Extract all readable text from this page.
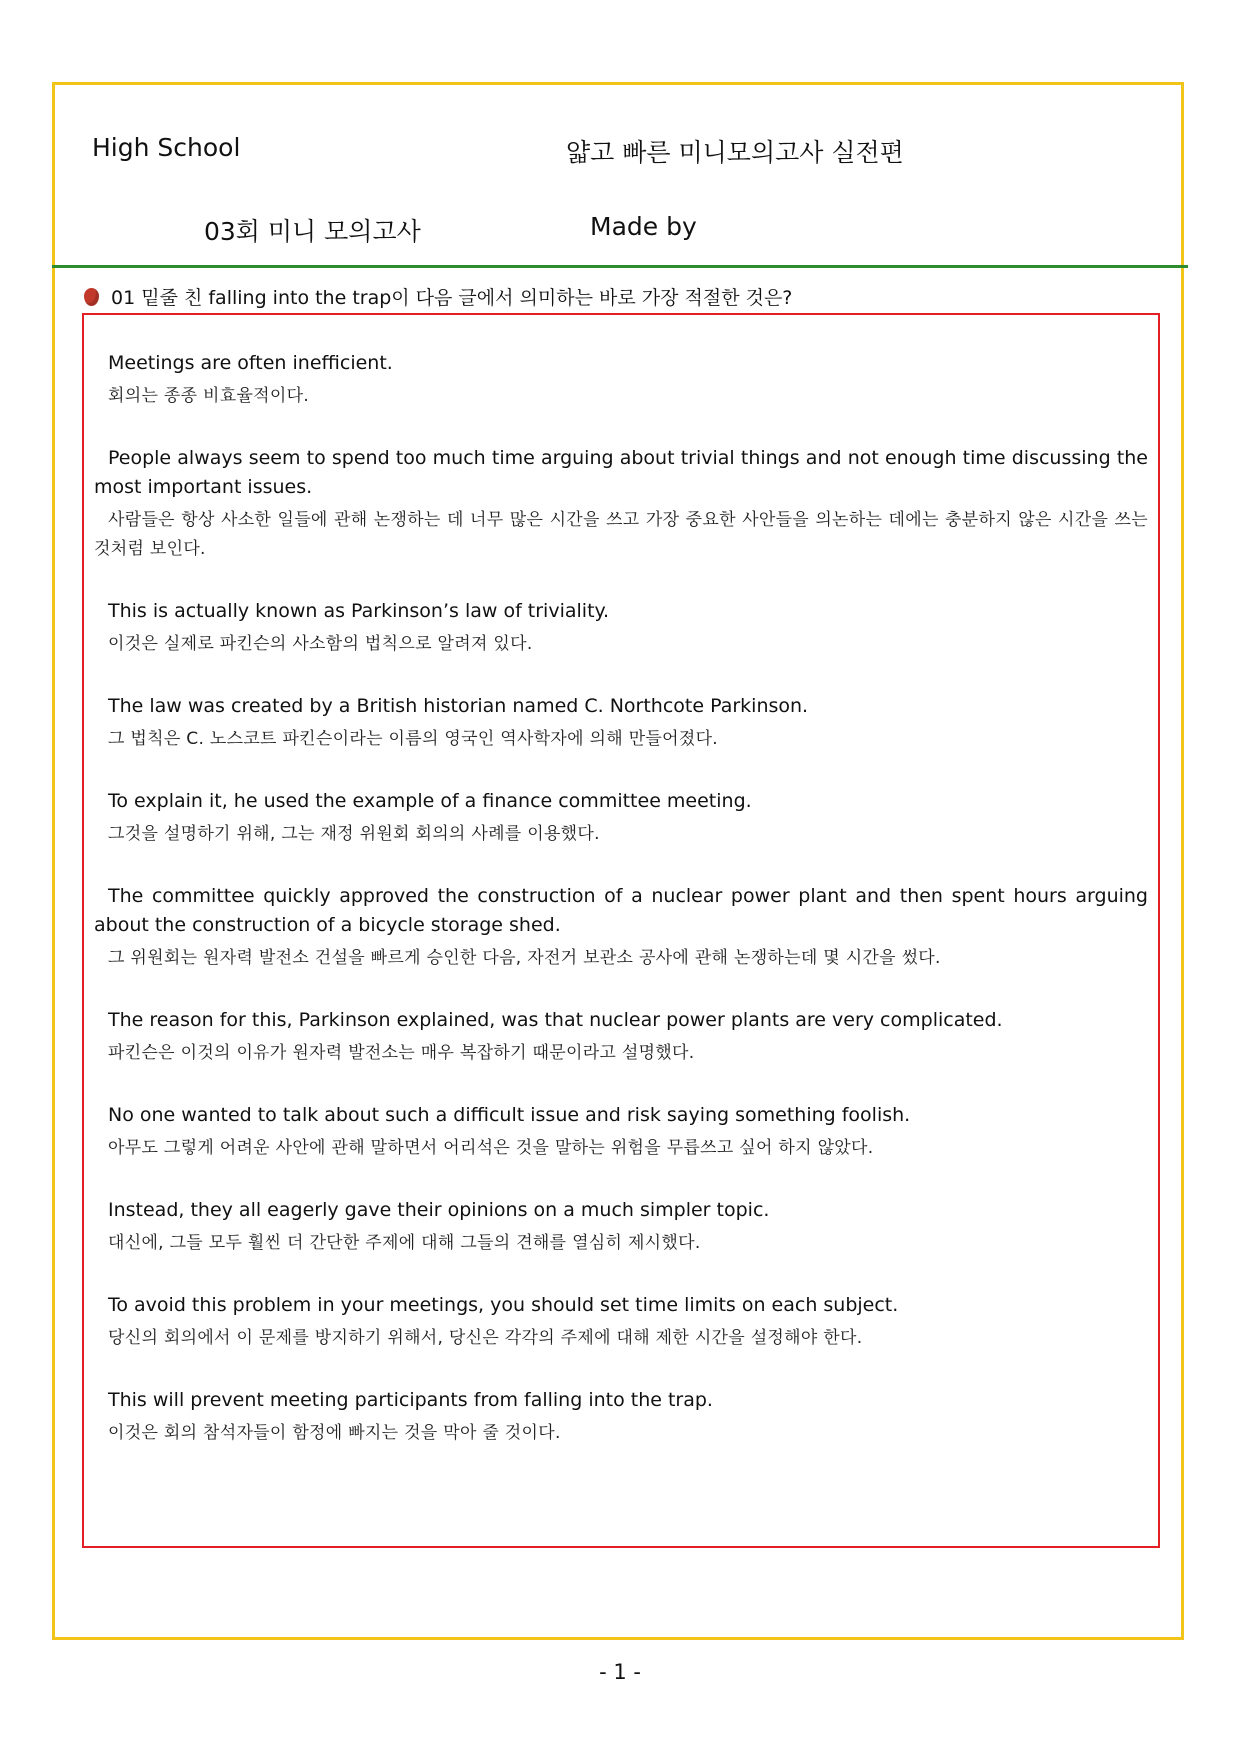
High School	얇고 빠른 미니모의고사 실전편
03회 미니 모의고사	Made by
01 밑줄 친 falling into the trap이 다음 글에서 의미하는 바로 가장 적절한 것은?
Meetings are often inefficient.
회의는 종종 비효율적이다.
People always seem to spend too much time arguing about trivial things and not enough time discussing the most important issues.
사람들은 항상 사소한 일들에 관해 논쟁하는 데 너무 많은 시간을 쓰고 가장 중요한 사안들을 의논하는 데에는 충분하지 않은 시간을 쓰는 것처럼 보인다.
This is actually known as Parkinson’s law of triviality.
이것은 실제로 파킨슨의 사소함의 법칙으로 알려져 있다.
The law was created by a British historian named C. Northcote Parkinson.
그 법칙은 C. 노스코트 파킨슨이라는 이름의 영국인 역사학자에 의해 만들어졌다.
To explain it, he used the example of a finance committee meeting.
그것을 설명하기 위해, 그는 재정 위원회 회의의 사례를 이용했다.
The committee quickly approved the construction of a nuclear power plant and then spent hours arguing about the construction of a bicycle storage shed.
그 위원회는 원자력 발전소 건설을 빠르게 승인한 다음, 자전거 보관소 공사에 관해 논쟁하는데 몇 시간을 썼다.
The reason for this, Parkinson explained, was that nuclear power plants are very complicated.
파킨슨은 이것의 이유가 원자력 발전소는 매우 복잡하기 때문이라고 설명했다.
No one wanted to talk about such a difficult issue and risk saying something foolish.
아무도 그렇게 어려운 사안에 관해 말하면서 어리석은 것을 말하는 위험을 무릅쓰고 싶어 하지 않았다.
Instead, they all eagerly gave their opinions on a much simpler topic.
대신에, 그들 모두 훨씬 더 간단한 주제에 대해 그들의 견해를 열심히 제시했다.
To avoid this problem in your meetings, you should set time limits on each subject.
당신의 회의에서 이 문제를 방지하기 위해서, 당신은 각각의 주제에 대해 제한 시간을 설정해야 한다.
This will prevent meeting participants from falling into the trap.
이것은 회의 참석자들이 함정에 빠지는 것을 막아 줄 것이다.
- 1 -
